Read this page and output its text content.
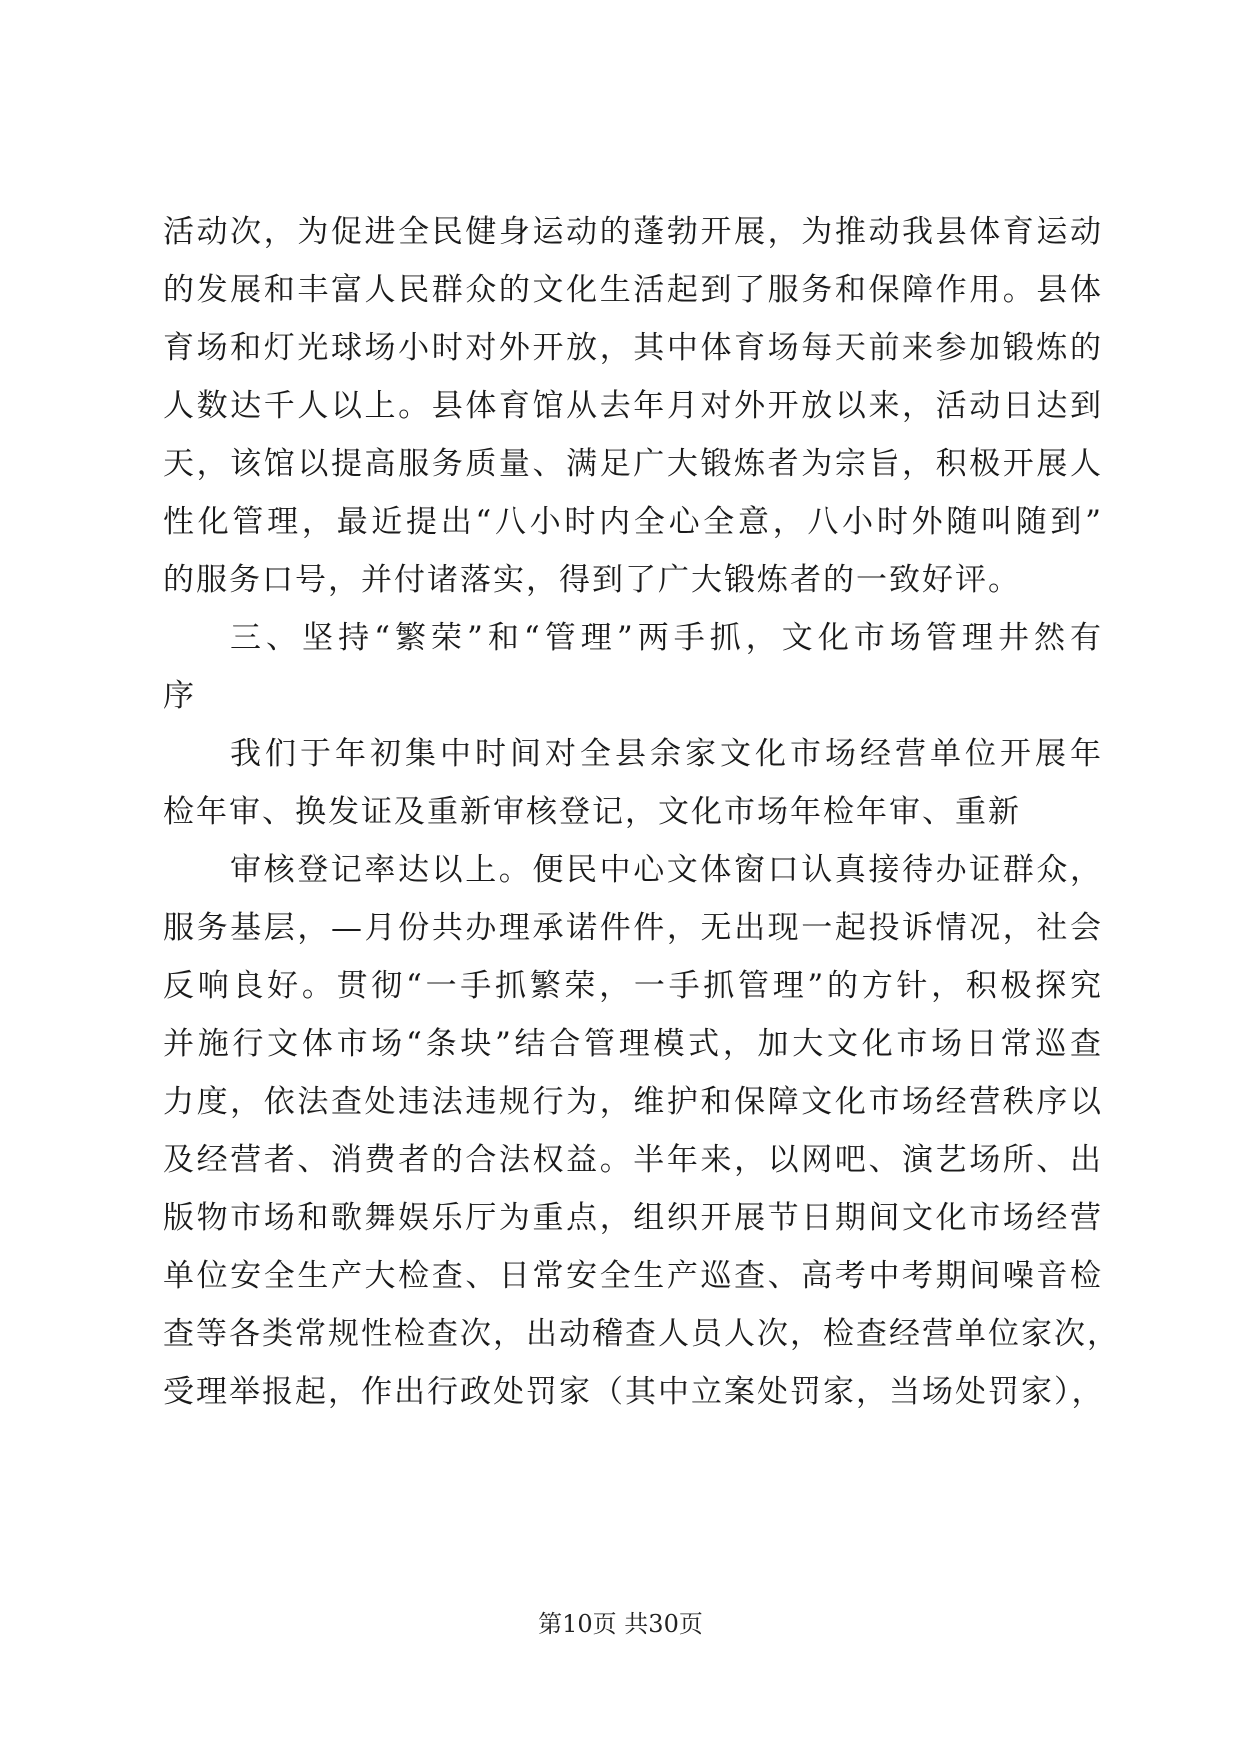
活动次，为促进全民健身运动的蓬勃开展，为推动我县体育运动
的发展和丰富人民群众的文化生活起到了服务和保障作用。县体
育场和灯光球场小时对外开放，其中体育场每天前来参加锻炼的
人数达千人以上。县体育馆从去年月对外开放以来，活动日达到
天，该馆以提高服务质量、满足广大锻炼者为宗旨，积极开展人
性化管理，最近提出“八小时内全心全意，八小时外随叫随到”
的服务口号，并付诸落实，得到了广大锻炼者的一致好评。
三、坚持“繁荣”和“管理”两手抓，文化市场管理井然有
序
我们于年初集中时间对全县余家文化市场经营单位开展年
检年审、换发证及重新审核登记，文化市场年检年审、重新
审核登记率达以上。便民中心文体窗口认真接待办证群众，
服务基层，—月份共办理承诺件件，无出现一起投诉情况，社会
反响良好。贯彻“一手抓繁荣，一手抓管理”的方针，积极探究
并施行文体市场“条块”结合管理模式，加大文化市场日常巡查
力度，依法查处违法违规行为，维护和保障文化市场经营秩序以
及经营者、消费者的合法权益。半年来，以网吧、演艺场所、出
版物市场和歌舞娱乐厅为重点，组织开展节日期间文化市场经营
单位安全生产大检查、日常安全生产巡查、高考中考期间噪音检
查等各类常规性检查次，出动稽查人员人次，检查经营单位家次，
受理举报起，作出行政处罚家（其中立案处罚家，当场处罚家），
第10页 共30页
